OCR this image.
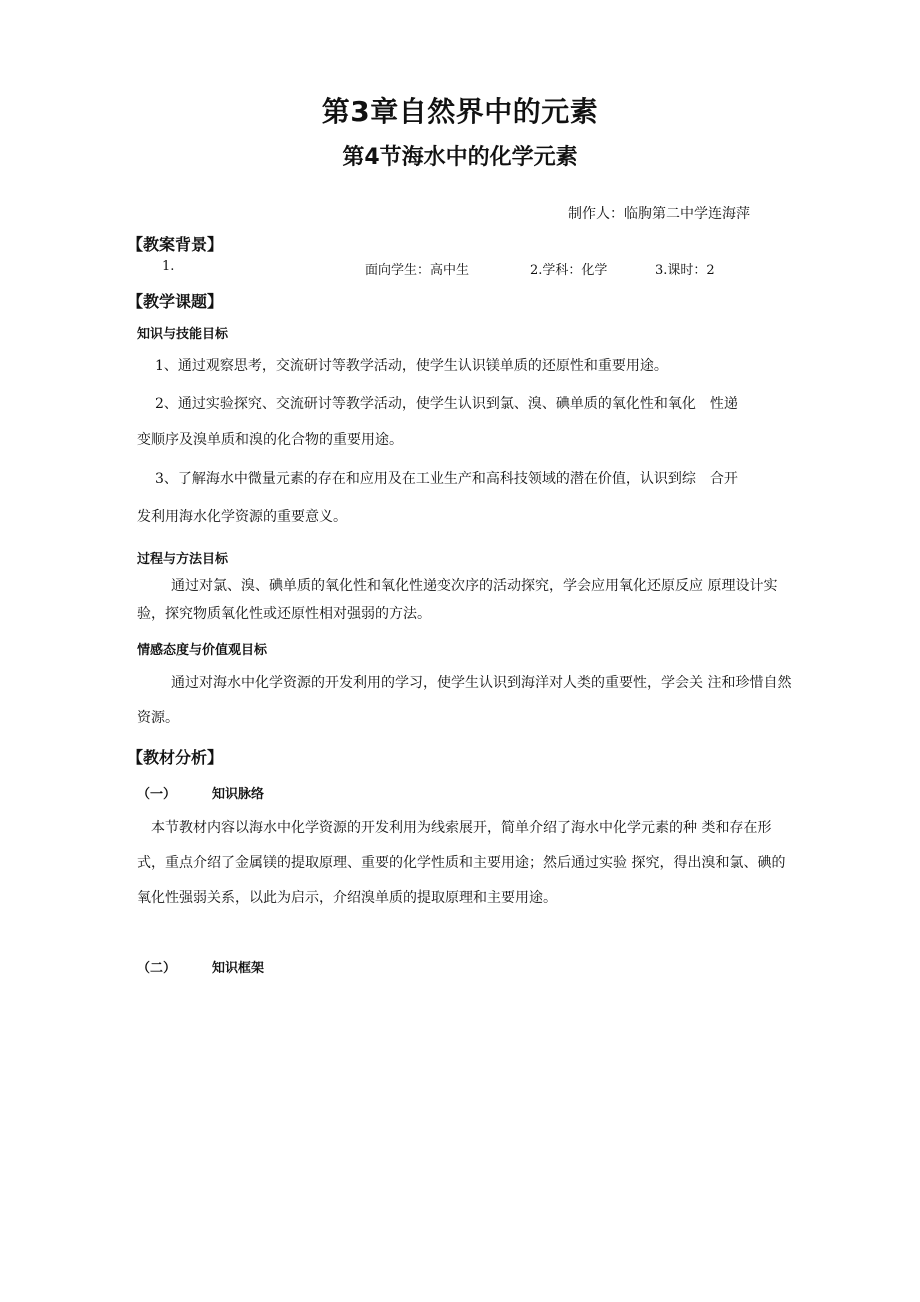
第3章自然界中的元素
第4节海水中的化学元素
制作人：临朐第二中学连海萍
【教案背景】
1.	面向学生：高中生	2.学科：化学	3.课时：2
【教学课题】
知识与技能目标
1、通过观察思考，交流研讨等教学活动，使学生认识镁单质的还原性和重要用途。
2、通过实验探究、交流研讨等教学活动，使学生认识到氯、溴、碘单质的氧化性和氧化　性递
变顺序及溴单质和溴的化合物的重要用途。
3、了解海水中微量元素的存在和应用及在工业生产和高科技领域的潜在价值，认识到综　合开
发利用海水化学资源的重要意义。
过程与方法目标
通过对氯、溴、碘单质的氧化性和氧化性递变次序的活动探究，学会应用氧化还原反应 原理设计实验，探究物质氧化性或还原性相对强弱的方法。
情感态度与价值观目标
通过对海水中化学资源的开发利用的学习，使学生认识到海洋对人类的重要性，学会关 注和珍惜自然资源。
【教材分析】
（一）	知识脉络
本节教材内容以海水中化学资源的开发利用为线索展开，简单介绍了海水中化学元素的种 类和存在形式，重点介绍了金属镁的提取原理、重要的化学性质和主要用途；然后通过实验 探究，得出溴和氯、碘的氧化性强弱关系，以此为启示，介绍溴单质的提取原理和主要用途。
（二）	知识框架
